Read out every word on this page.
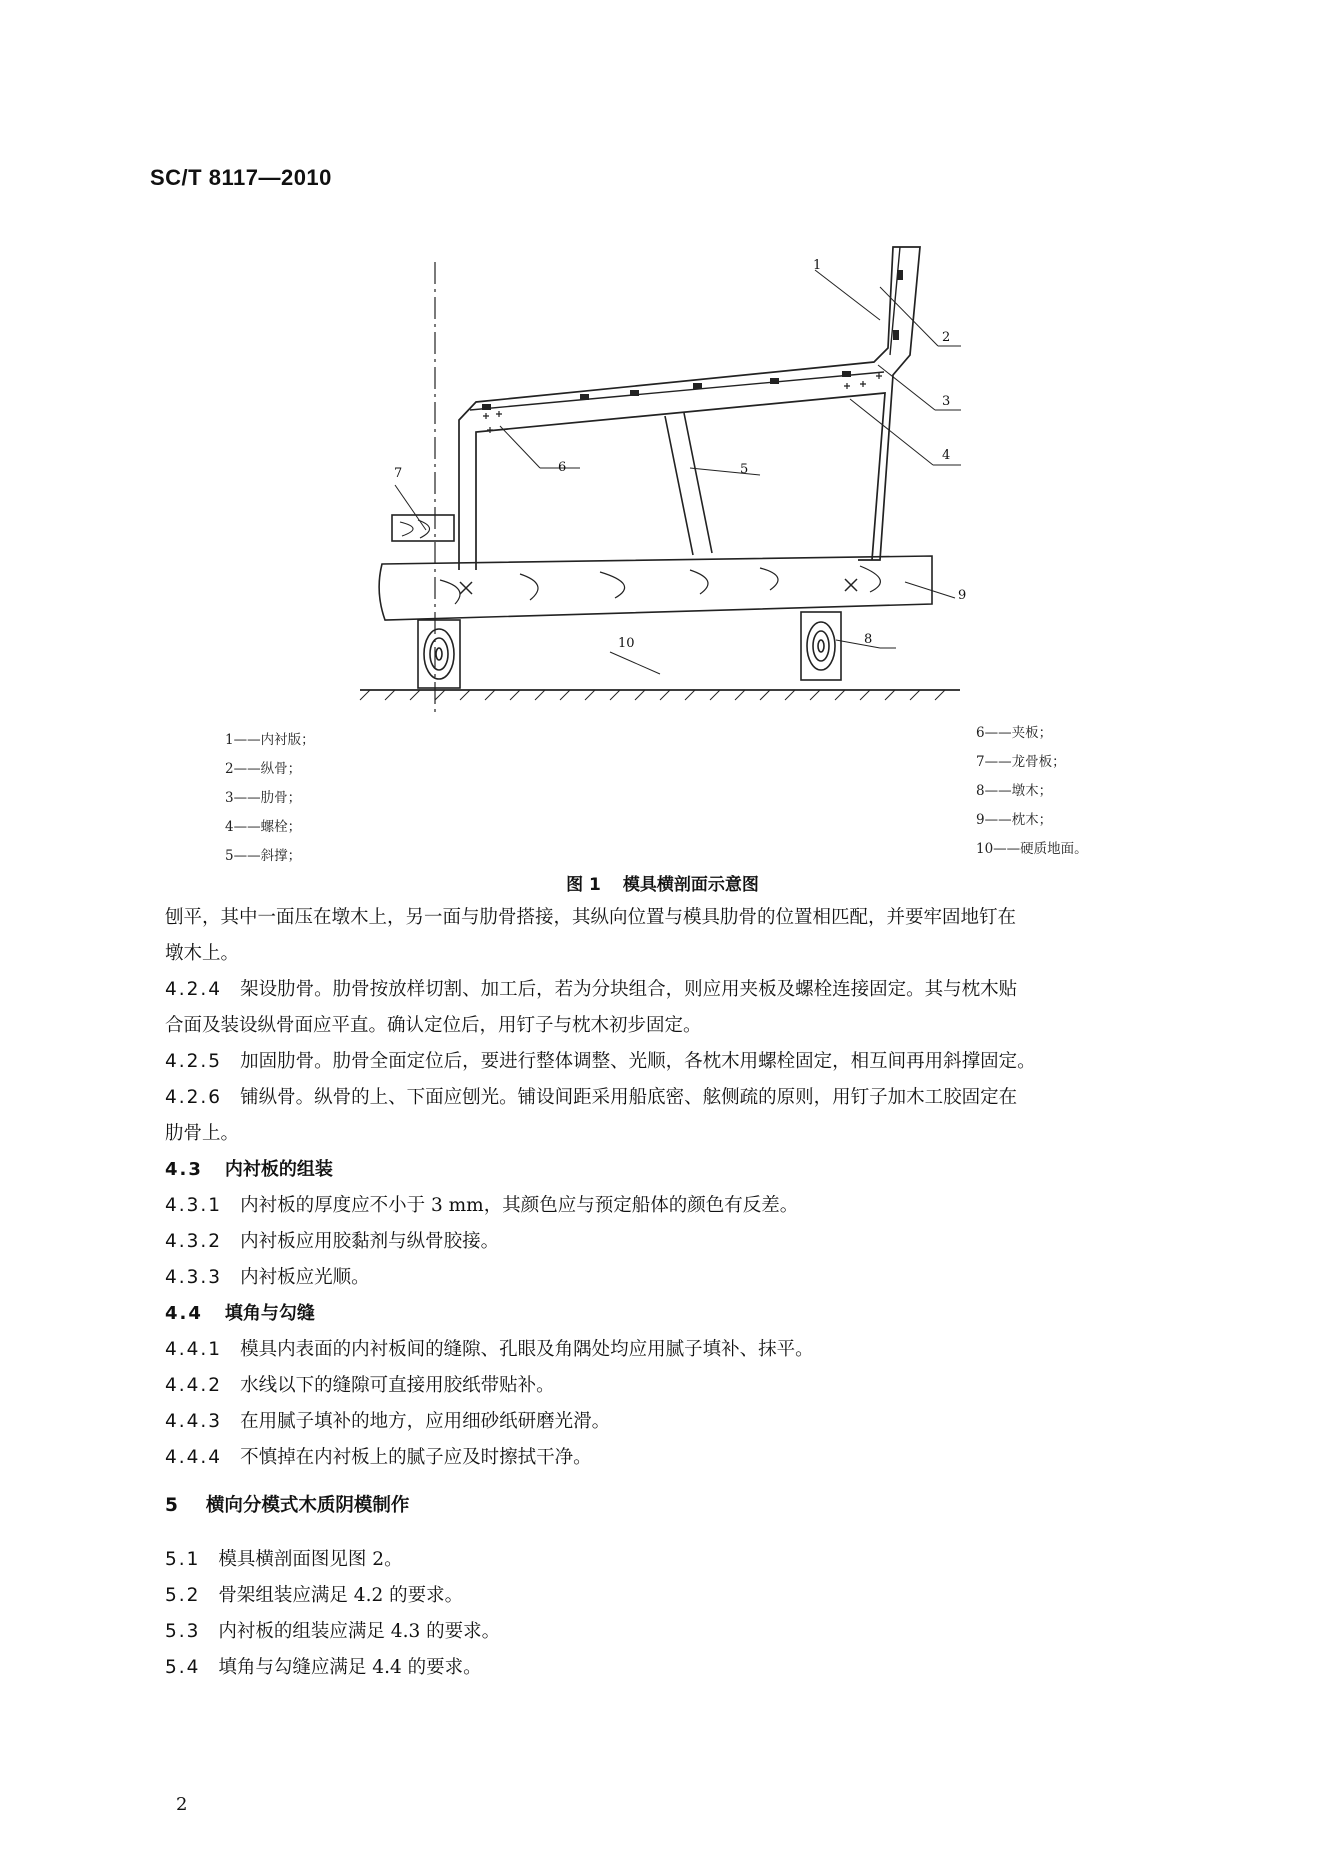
SC/T 8117—2010
1
2
3
4
5
6
7
8
9
10
1——内衬版；
2——纵骨；
3——肋骨；
4——螺栓；
5——斜撑；
6——夹板；
7——龙骨板；
8——墩木；
9——枕木；
10——硬质地面。
图 1 模具横剖面示意图
刨平，其中一面压在墩木上，另一面与肋骨搭接，其纵向位置与模具肋骨的位置相匹配，并要牢固地钉在
墩木上。
4.2.4 架设肋骨。肋骨按放样切割、加工后，若为分块组合，则应用夹板及螺栓连接固定。其与枕木贴
合面及装设纵骨面应平直。确认定位后，用钉子与枕木初步固定。
4.2.5 加固肋骨。肋骨全面定位后，要进行整体调整、光顺，各枕木用螺栓固定，相互间再用斜撑固定。
4.2.6 铺纵骨。纵骨的上、下面应刨光。铺设间距采用船底密、舷侧疏的原则，用钉子加木工胶固定在
肋骨上。
4.3 内衬板的组装
4.3.1 内衬板的厚度应不小于 3 mm，其颜色应与预定船体的颜色有反差。
4.3.2 内衬板应用胶黏剂与纵骨胶接。
4.3.3 内衬板应光顺。
4.4 填角与勾缝
4.4.1 模具内表面的内衬板间的缝隙、孔眼及角隅处均应用腻子填补、抹平。
4.4.2 水线以下的缝隙可直接用胶纸带贴补。
4.4.3 在用腻子填补的地方，应用细砂纸研磨光滑。
4.4.4 不慎掉在内衬板上的腻子应及时擦拭干净。
5 横向分模式木质阴模制作
5.1 模具横剖面图见图 2。
5.2 骨架组装应满足 4.2 的要求。
5.3 内衬板的组装应满足 4.3 的要求。
5.4 填角与勾缝应满足 4.4 的要求。
2
